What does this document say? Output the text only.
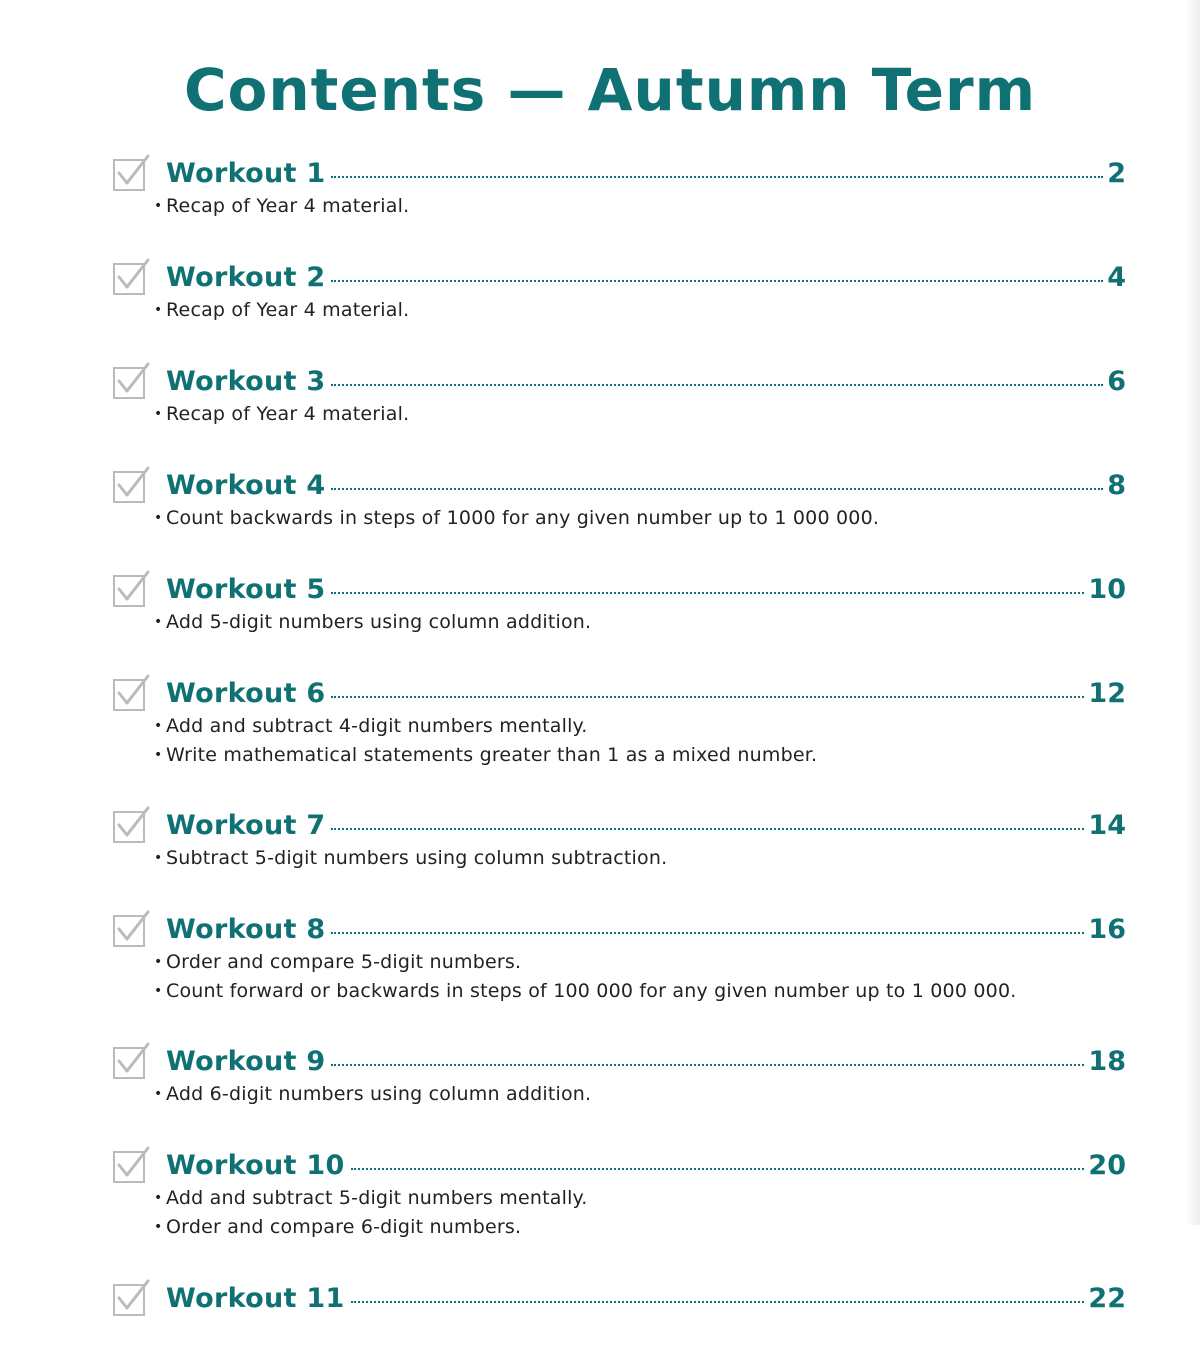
Contents — Autumn Term
Workout 1	2
• Recap of Year 4 material.
Workout 2	4
• Recap of Year 4 material.
Workout 3	6
• Recap of Year 4 material.
Workout 4	8
• Count backwards in steps of 1000 for any given number up to 1 000 000.
Workout 5	10
• Add 5-digit numbers using column addition.
Workout 6	12
• Add and subtract 4-digit numbers mentally.
• Write mathematical statements greater than 1 as a mixed number.
Workout 7	14
• Subtract 5-digit numbers using column subtraction.
Workout 8	16
• Order and compare 5-digit numbers.
• Count forward or backwards in steps of 100 000 for any given number up to 1 000 000.
Workout 9	18
• Add 6-digit numbers using column addition.
Workout 10	20
• Add and subtract 5-digit numbers mentally.
• Order and compare 6-digit numbers.
Workout 11	22
